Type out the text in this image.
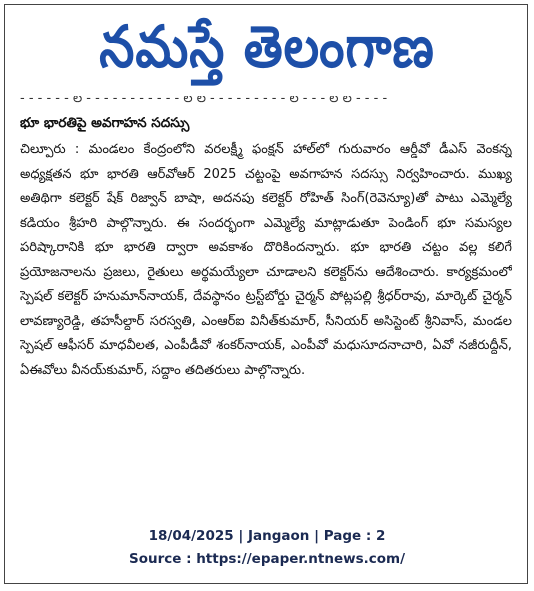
నమస్తే తెలంగాణ
- - - - - - ల - - - - - - - - - - - ల ల - - - - - - - - - ల - - - ల ల - - - -
భూ భారతిపై అవగాహన సదస్సు

చిల్పూరు : మండలం కేంద్రంలోని వరలక్ష్మీ ఫంక్షన్ హాల్‌లో గురువారం ఆర్డీవో డీఎస్ వెంకన్న అధ్యక్షతన భూ భారతి ఆర్‌వోఆర్ 2025 చట్టంపై అవగాహన సదస్సు నిర్వహించారు. ముఖ్య అతిథిగా కలెక్టర్ షేక్ రిజ్వాన్ బాషా, అదనపు కలెక్టర్ రోహిత్ సింగ్(రెవెన్యూ)తో పాటు ఎమ్మెల్యే కడియం శ్రీహరి పాల్గొన్నారు. ఈ సందర్భంగా ఎమ్మెల్యే మాట్లాడుతూ పెండింగ్ భూ సమస్యల పరిష్కారానికి భూ భారతి ద్వారా అవకాశం దొరికిందన్నారు. భూ భారతి చట్టం వల్ల కలిగే ప్రయోజనాలను ప్రజలు, రైతులు అర్థమయ్యేలా చూడాలని కలెక్టర్‌ను ఆదేశించారు. కార్యక్రమంలో స్పెషల్ కలెక్టర్ హనుమాన్‌నాయక్, దేవస్థానం ట్రస్ట్‌బోర్డు చైర్మన్ పోట్లపల్లి శ్రీధర్‌రావు, మార్కెట్ చైర్మన్ లావణ్యారెడ్డి, తహసీల్దార్ సరస్వతి, ఎంఆర్ఐ వినీత్‌కుమార్, సీనియర్ అసిస్టెంట్ శ్రీనివాస్, మండల స్పెషల్ ఆఫీసర్ మాధవీలత, ఎంపీడీవో శంకర్‌నాయక్, ఎంపీవో మధుసూదనాచారి, ఏవో నజీరుద్దీన్, ఏఈవోలు వీనయ్‌కుమార్, సద్దాం తదితరులు పాల్గొన్నారు.

18/04/2025 | Jangaon | Page : 2
Source : https://epaper.ntnews.com/
